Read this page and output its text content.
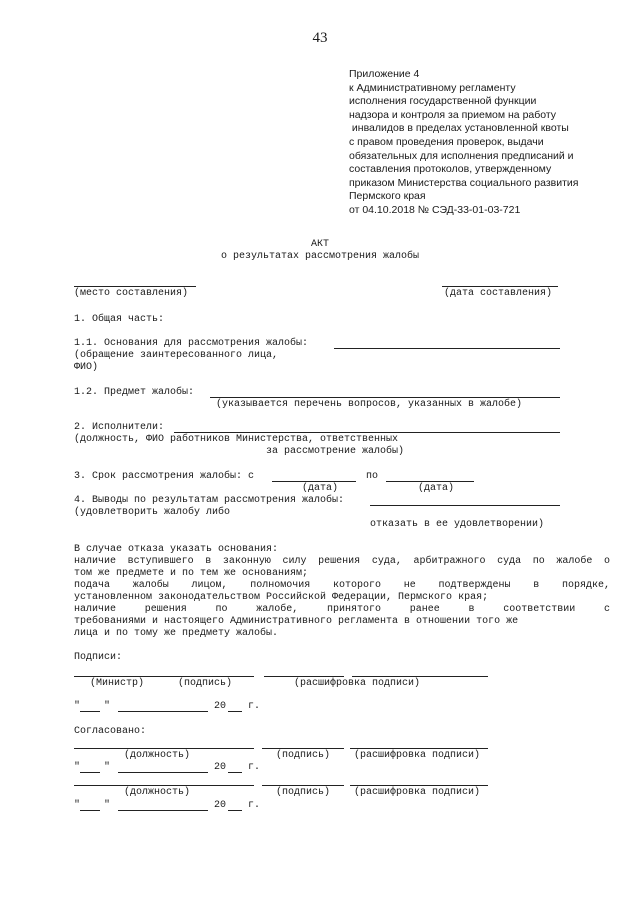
43
Приложение 4
к Административному регламенту
исполнения государственной функции
надзора и контроля за приемом на работу
инвалидов в пределах установленной квоты
с правом проведения проверок, выдачи
обязательных для исполнения предписаний и
составления протоколов, утвержденному
приказом Министерства социального развития
Пермского края
от 04.10.2018 № СЭД-33-01-03-721
АКТ
о результатах рассмотрения жалобы
(место составления)	(дата составления)
1. Общая часть:
1.1. Основания для рассмотрения жалобы:
(обращение заинтересованного лица,
ФИО)
1.2. Предмет жалобы:
(указывается перечень вопросов, указанных в жалобе)
2. Исполнители:
(должность, ФИО работников Министерства, ответственных
за рассмотрение жалобы)
3. Срок рассмотрения жалобы: с	по
(дата)	(дата)
4. Выводы по результатам рассмотрения жалобы:
(удовлетворить жалобу либо
отказать в ее удовлетворении)
В случае отказа указать основания:
наличие вступившего в законную силу решения суда, арбитражного суда по жалобе о
том же предмете и по тем же основаниям;
подача жалобы лицом, полномочия которого не подтверждены в порядке,
установленном законодательством Российской Федерации, Пермского края;
наличие решения по жалобе, принятого ранее в соответствии с
требованиями и настоящего Административного регламента в отношении того же
лица и по тому же предмету жалобы.
Подписи:
(Министр)	(подпись)	(расшифровка подписи)
" "	20 г.
Согласовано:
(должность)	(подпись) (расшифровка подписи)
" "	20 г.
(должность)	(подпись) (расшифровка подписи)
" "	20 г.
